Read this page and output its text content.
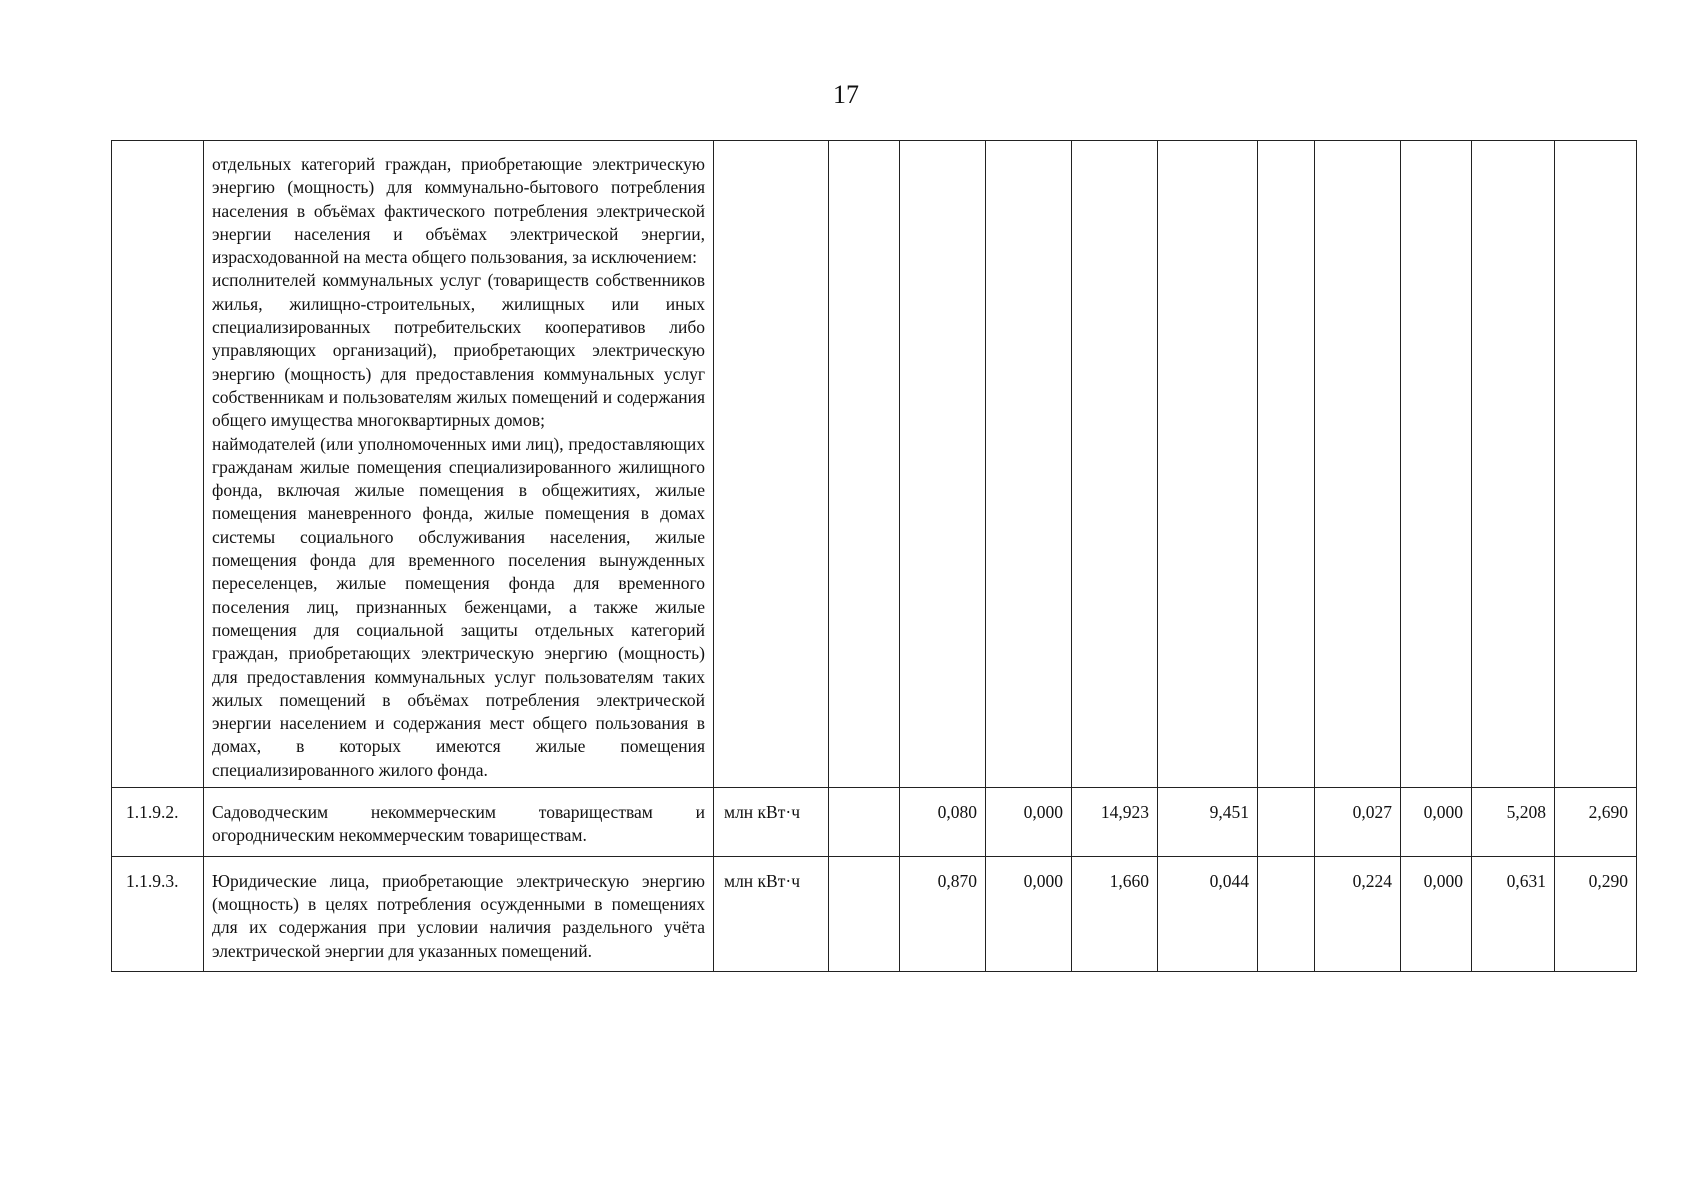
17

	отдельных категорий граждан, приобретающие электрическую энергию (мощность) для коммунально-бытового потребления населения в объёмах фактического потребления электрической энергии населения и объёмах электрической энергии, израсходованной на места общего пользования, за исключением:
исполнителей коммунальных услуг (товариществ собственников жилья, жилищно-строительных, жилищных или иных специализированных потребительских кооперативов либо управляющих организаций), приобретающих электрическую энергию (мощность) для предоставления коммунальных услуг собственникам и пользователям жилых помещений и содержания общего имущества многоквартирных домов;
наймодателей (или уполномоченных ими лиц), предоставляющих гражданам жилые помещения специализированного жилищного фонда, включая жилые помещения в общежитиях, жилые помещения маневренного фонда, жилые помещения в домах системы социального обслуживания населения, жилые помещения фонда для временного поселения вынужденных переселенцев, жилые помещения фонда для временного поселения лиц, признанных беженцами, а также жилые помещения для социальной защиты отдельных категорий граждан, приобретающих электрическую энергию (мощность) для предоставления коммунальных услуг пользователям таких жилых помещений в объёмах потребления электрической энергии населением и содержания мест общего пользования в домах, в которых имеются жилые помещения специализированного жилого фонда.											

1.1.9.2.	Садоводческим некоммерческим товариществам и огородническим некоммерческим товариществам.	млн кВт·ч		0,080	0,000	14,923	9,451		0,027	0,000	5,208	2,690
1.1.9.3.	Юридические лица, приобретающие электрическую энергию (мощность) в целях потребления осужденными в помещениях для их содержания при условии наличия раздельного учёта электрической энергии для указанных помещений.	млн кВт·ч		0,870	0,000	1,660	0,044		0,224	0,000	0,631	0,290
